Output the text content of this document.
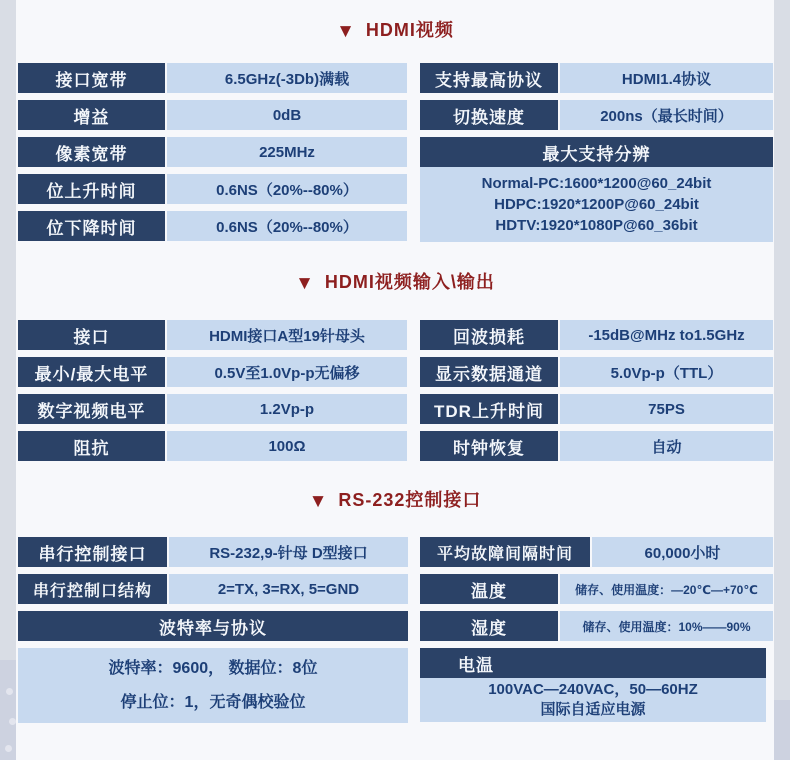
▼ HDMI视频
接口宽带	6.5GHz(-3Db)满载
增益	0dB
像素宽带	225MHz
位上升时间	0.6NS（20%--80%）
位下降时间	0.6NS（20%--80%）
支持最高协议	HDMI1.4协议
切换速度	200ns（最长时间）
最大支持分辨
Normal-PC:1600*1200@60_24bit
HDPC:1920*1200P@60_24bit
HDTV:1920*1080P@60_36bit
▼ HDMI视频输入\输出
接口	HDMI接口A型19针母头
最小/最大电平	0.5V至1.0Vp-p无偏移
数字视频电平	1.2Vp-p
阻抗	100Ω
回波损耗	-15dB@MHz to1.5GHz
显示数据通道	5.0Vp-p（TTL）
TDR上升时间	75PS
时钟恢复	自动
▼ RS-232控制接口
串行控制接口	RS-232,9-针母 D型接口
串行控制口结构	2=TX, 3=RX, 5=GND
波特率与协议
波特率：9600， 数据位：8位
停止位：1，无奇偶校验位
平均故障间隔时间	60,000小时
温度	储存、使用温度：—20℃—+70℃
湿度	储存、使用温度：10%——90%
电温
100VAC—240VAC，50—60HZ
国际自适应电源
